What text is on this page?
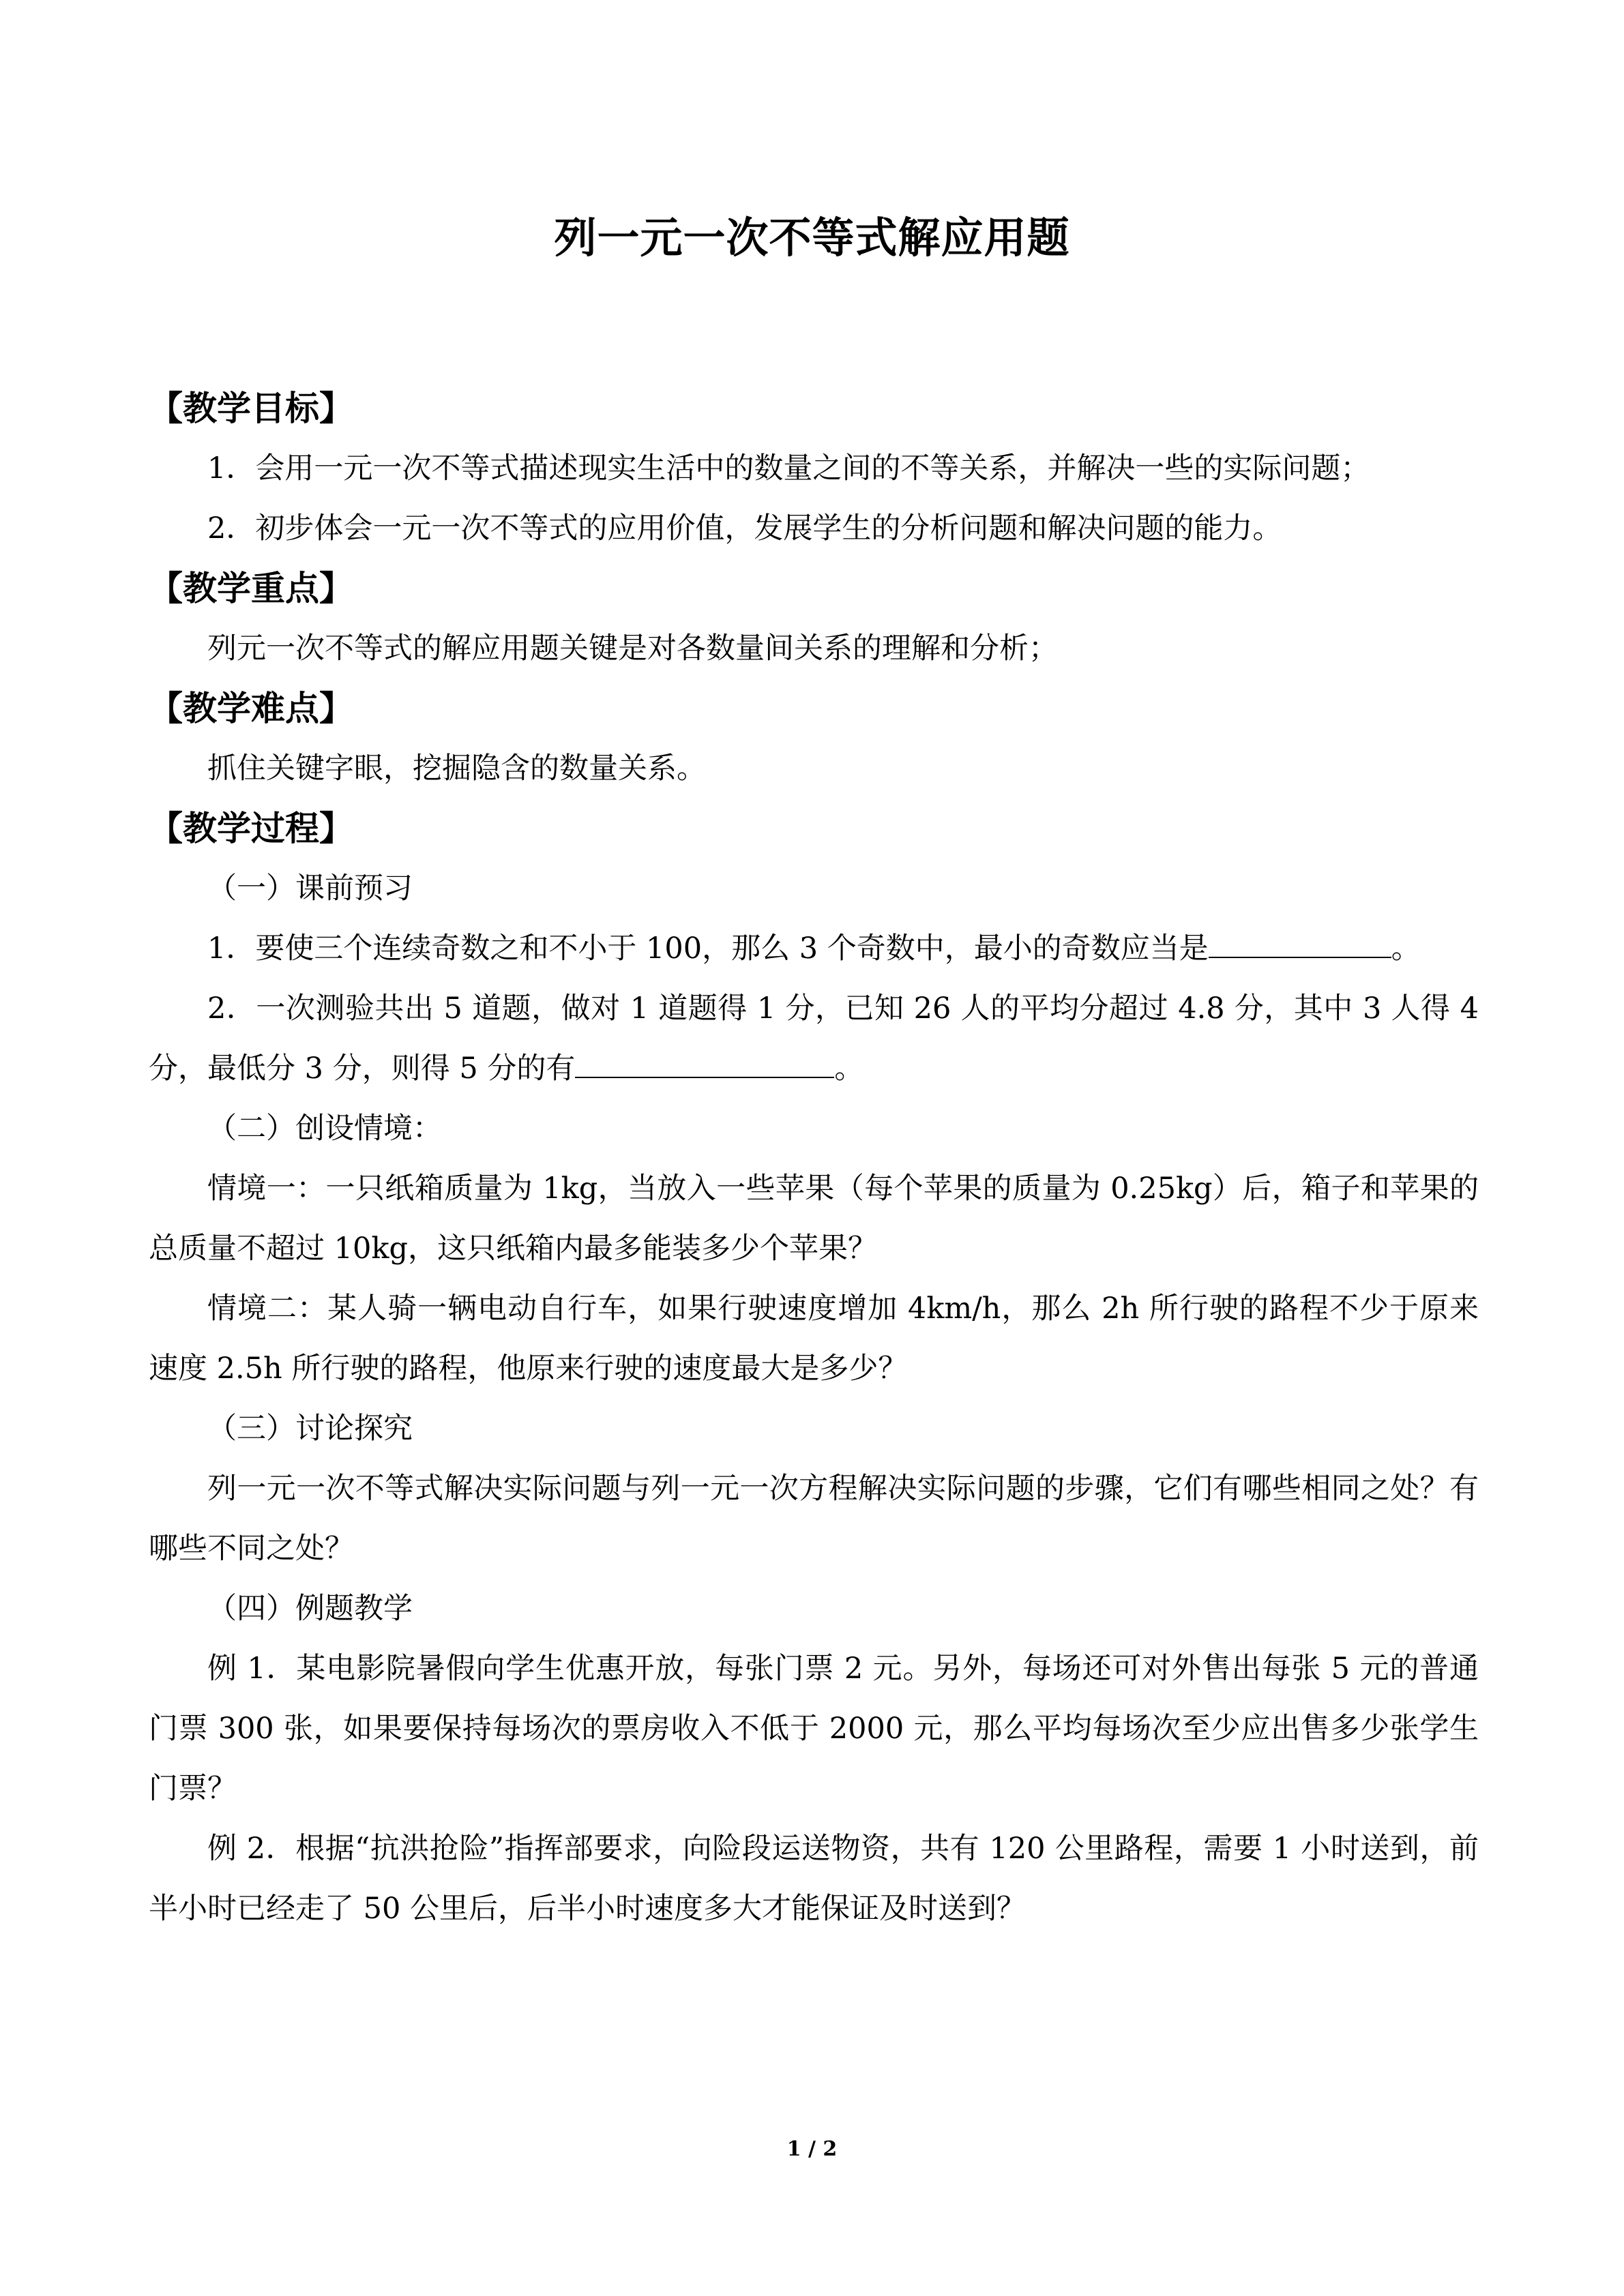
列一元一次不等式解应用题
【教学目标】

1．会用一元一次不等式描述现实生活中的数量之间的不等关系，并解决一些的实际问题；

2．初步体会一元一次不等式的应用价值，发展学生的分析问题和解决问题的能力。

【教学重点】

列元一次不等式的解应用题关键是对各数量间关系的理解和分析；

【教学难点】

抓住关键字眼，挖掘隐含的数量关系。

【教学过程】

（一）课前预习

1．要使三个连续奇数之和不小于 100，那么 3 个奇数中，最小的奇数应当是	。

2．一次测验共出 5 道题，做对 1 道题得 1 分，已知 26 人的平均分超过 4.8 分，其中 3 人得 4 分，最低分 3 分，则得 5 分的有	。

（二）创设情境：

情境一：一只纸箱质量为 1kg，当放入一些苹果（每个苹果的质量为 0.25kg）后，箱子和苹果的总质量不超过 10kg，这只纸箱内最多能装多少个苹果？

情境二：某人骑一辆电动自行车，如果行驶速度增加 4km/h，那么 2h 所行驶的路程不少于原来速度 2.5h 所行驶的路程，他原来行驶的速度最大是多少？

（三）讨论探究

列一元一次不等式解决实际问题与列一元一次方程解决实际问题的步骤，它们有哪些相同之处？有哪些不同之处？

（四）例题教学

例 1．某电影院暑假向学生优惠开放，每张门票 2 元。另外，每场还可对外售出每张 5 元的普通门票 300 张，如果要保持每场次的票房收入不低于 2000 元，那么平均每场次至少应出售多少张学生门票？

例 2．根据“抗洪抢险”指挥部要求，向险段运送物资，共有 120 公里路程，需要 1 小时送到，前半小时已经走了 50 公里后，后半小时速度多大才能保证及时送到？

1 / 2
